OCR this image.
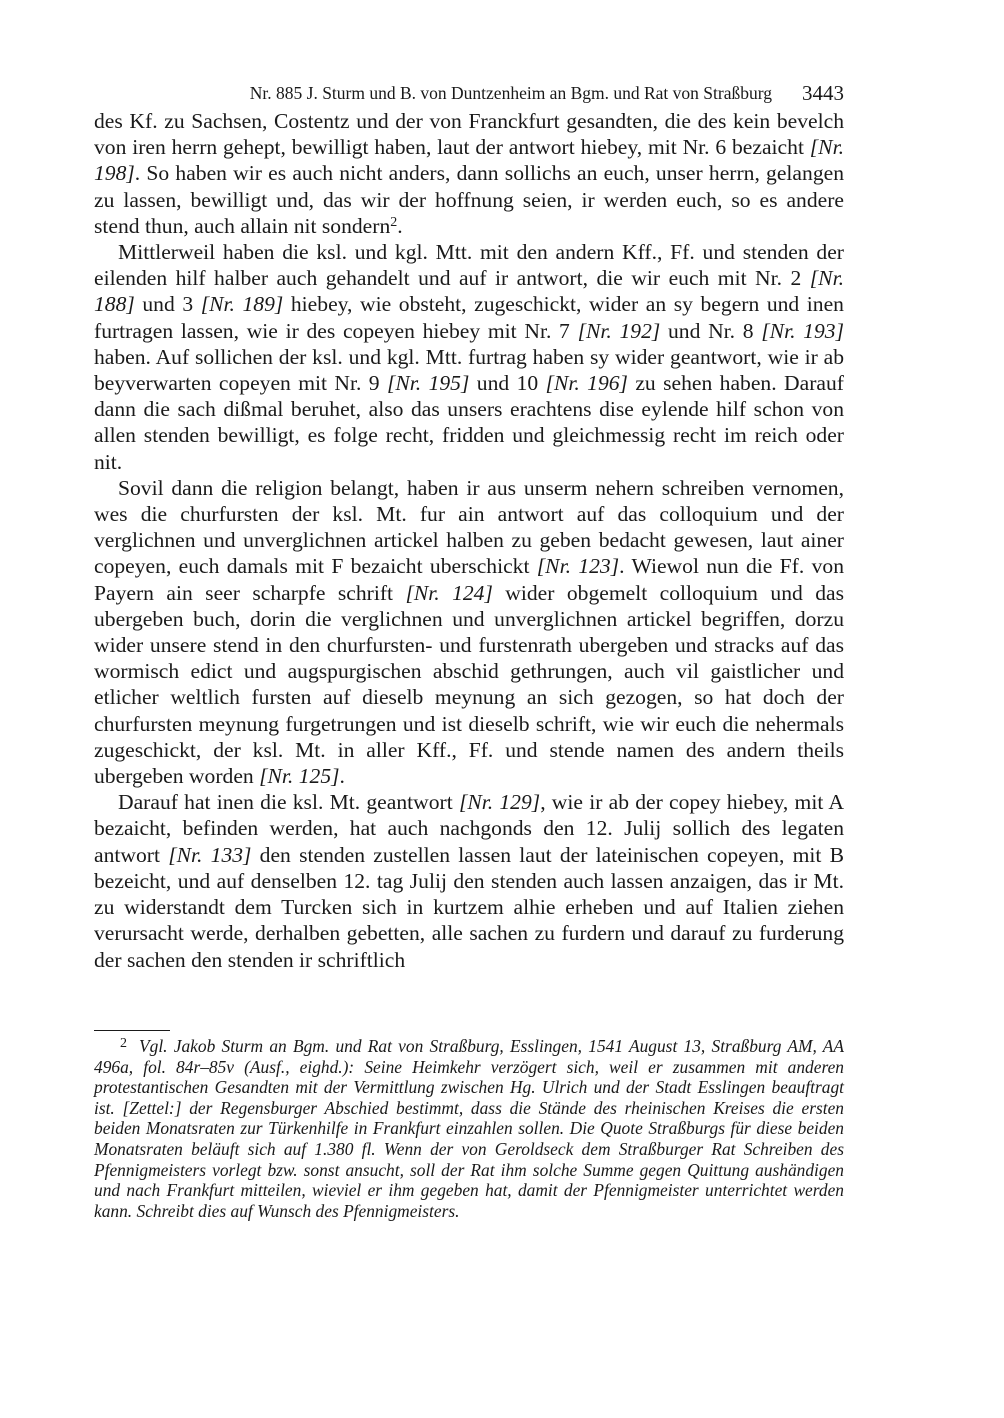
Nr. 885 J. Sturm und B. von Duntzenheim an Bgm. und Rat von Straßburg 3443

des Kf. zu Sachsen, Costentz und der von Franckfurt gesandten, die des kein bevelch von iren herrn gehept, bewilligt haben, laut der antwort hiebey, mit Nr. 6 bezaicht [Nr. 198]. So haben wir es auch nicht anders, dann sollichs an euch, unser herrn, gelangen zu lassen, bewilligt und, das wir der hoffnung seien, ir werden euch, so es andere stend thun, auch allain nit sondern$^2$.

Mittlerweil haben die ksl. und kgl. Mtt. mit den andern Kff., Ff. und stenden der eilenden hilf halber auch gehandelt und auf ir antwort, die wir euch mit Nr. 2 [Nr. 188] und 3 [Nr. 189] hiebey, wie obsteht, zugeschickt, wider an sy begern und inen furtragen lassen, wie ir des copeyen hiebey mit Nr. 7 [Nr. 192] und Nr. 8 [Nr. 193] haben. Auf sollichen der ksl. und kgl. Mtt. furtrag haben sy wider geantwort, wie ir ab beyverwarten copeyen mit Nr. 9 [Nr. 195] und 10 [Nr. 196] zu sehen haben. Darauf dann die sach dißmal beruhet, also das unsers erachtens dise eylende hilf schon von allen stenden bewilligt, es folge recht, fridden und gleichmessig recht im reich oder nit.

Sovil dann die religion belangt, haben ir aus unserm nehern schreiben vernomen, wes die churfursten der ksl. Mt. fur ain antwort auf das colloquium und der verglichnen und unverglichnen artickel halben zu geben bedacht gewesen, laut ainer copeyen, euch damals mit F bezaicht uberschickt [Nr. 123]. Wiewol nun die Ff. von Payern ain seer scharpfe schrift [Nr. 124] wider obgemelt colloquium und das ubergeben buch, dorin die verglichnen und unverglichnen artickel begriffen, dorzu wider unsere stend in den churfursten- und furstenrath ubergeben und stracks auf das wormisch edict und augspurgischen abschid gethrungen, auch vil gaistlicher und etlicher weltlich fursten auf dieselb meynung an sich gezogen, so hat doch der churfursten meynung furgetrungen und ist dieselb schrift, wie wir euch die nehermals zugeschickt, der ksl. Mt. in aller Kff., Ff. und stende namen des andern theils ubergeben worden [Nr. 125].

Darauf hat inen die ksl. Mt. geantwort [Nr. 129], wie ir ab der copey hiebey, mit A bezaicht, befinden werden, hat auch nachgonds den 12. Julij sollich des legaten antwort [Nr. 133] den stenden zustellen lassen laut der lateinischen copeyen, mit B bezeicht, und auf denselben 12. tag Julij den stenden auch lassen anzaigen, das ir Mt. zu widerstandt dem Turcken sich in kurtzem alhie erheben und auf Italien ziehen verursacht werde, derhalben gebetten, alle sachen zu furdern und darauf zu furderung der sachen den stenden ir schriftlich

$^2$ Vgl. Jakob Sturm an Bgm. und Rat von Straßburg, Esslingen, 1541 August 13, Straßburg AM, AA 496a, fol. 84r–85v (Ausf., eighd.): Seine Heimkehr verzögert sich, weil er zusammen mit anderen protestantischen Gesandten mit der Vermittlung zwischen Hg. Ulrich und der Stadt Esslingen beauftragt ist. [Zettel:] der Regensburger Abschied bestimmt, dass die Stände des rheinischen Kreises die ersten beiden Monatsraten zur Türkenhilfe in Frankfurt einzahlen sollen. Die Quote Straßburgs für diese beiden Monatsraten beläuft sich auf 1.380 fl. Wenn der von Geroldseck dem Straßburger Rat Schreiben des Pfennigmeisters vorlegt bzw. sonst ansucht, soll der Rat ihm solche Summe gegen Quittung aushändigen und nach Frankfurt mitteilen, wieviel er ihm gegeben hat, damit der Pfennigmeister unterrichtet werden kann. Schreibt dies auf Wunsch des Pfennigmeisters.
